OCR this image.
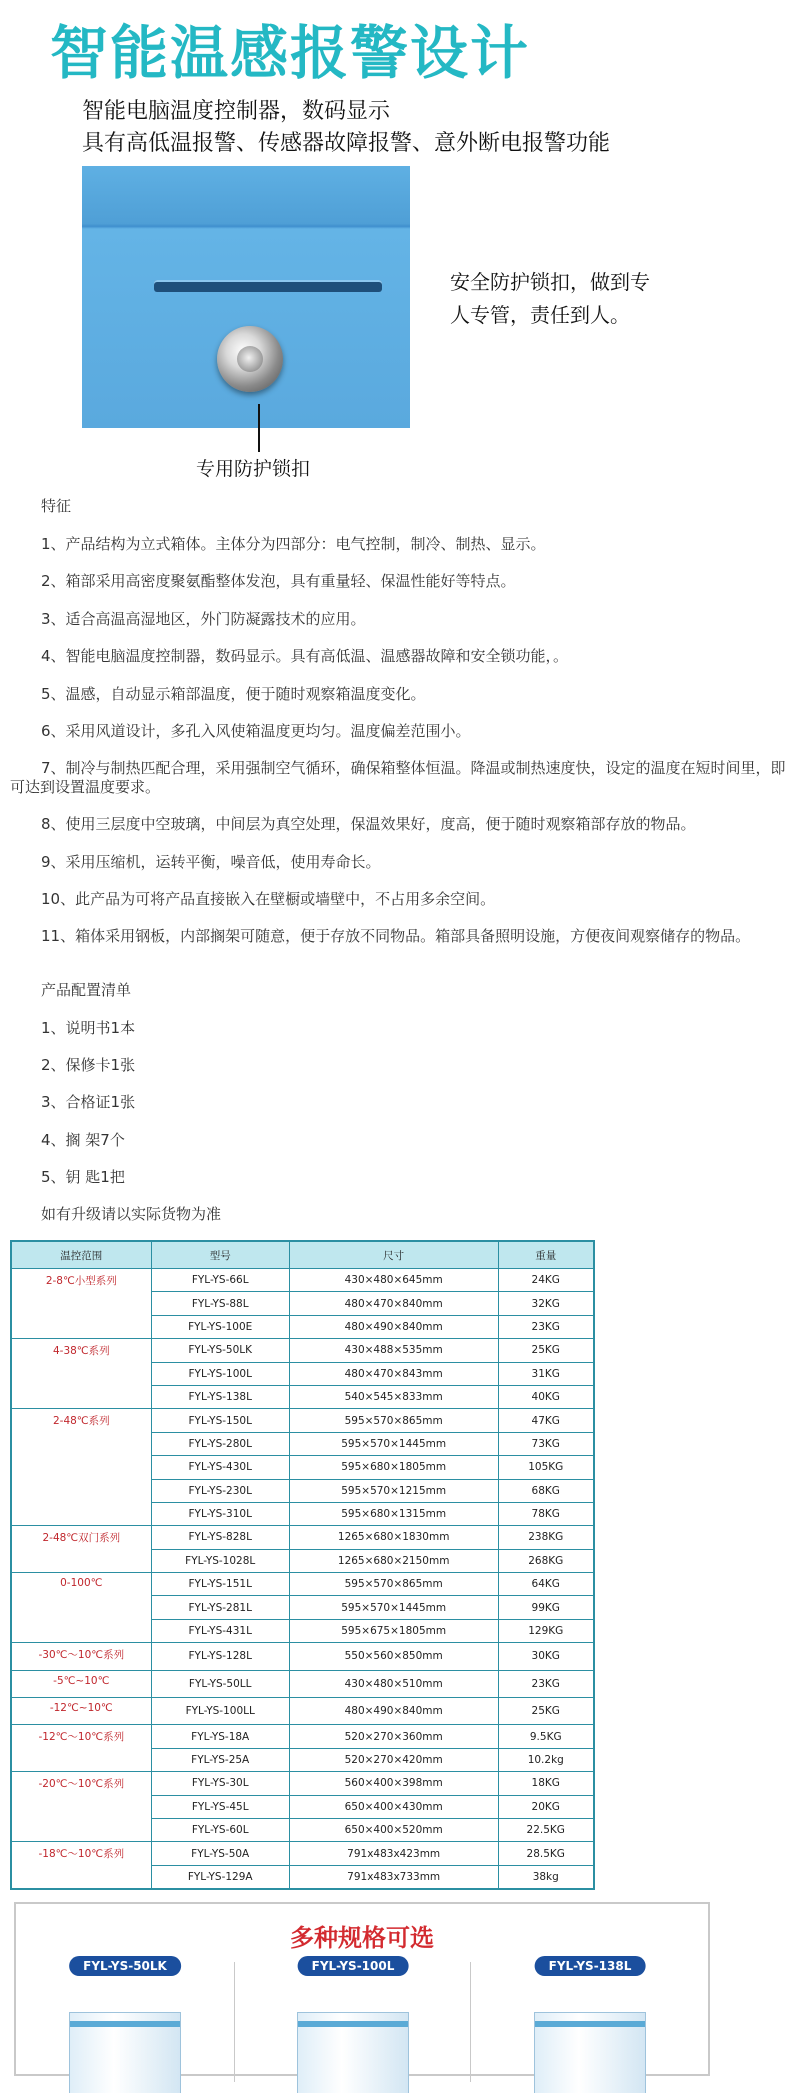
智能温感报警设计

智能电脑温度控制器，数码显示

具有高低温报警、传感器故障报警、意外断电报警功能

专用防护锁扣

安全防护锁扣，做到专
人专管，责任到人。

特征

1、产品结构为立式箱体。主体分为四部分：电气控制，制冷、制热、显示。

2、箱部采用高密度聚氨酯整体发泡，具有重量轻、保温性能好等特点。

3、适合高温高湿地区，外门防凝露技术的应用。

4、智能电脑温度控制器，数码显示。具有高低温、温感器故障和安全锁功能，。

5、温感，自动显示箱部温度，便于随时观察箱温度变化。

6、采用风道设计，多孔入风使箱温度更均匀。温度偏差范围小。

7、制冷与制热匹配合理，采用强制空气循环，确保箱整体恒温。降温或制热速度快，设定的温度在短时间里，即可达到设置温度要求。

8、使用三层度中空玻璃，中间层为真空处理，保温效果好，度高，便于随时观察箱部存放的物品。

9、采用压缩机，运转平衡，噪音低，使用寿命长。

10、此产品为可将产品直接嵌入在壁橱或墙壁中，不占用多余空间。

11、箱体采用钢板，内部搁架可随意，便于存放不同物品。箱部具备照明设施，方便夜间观察储存的物品。

产品配置清单

1、说明书1本

2、保修卡1张

3、合格证1张

4、搁 架7个

5、钥 匙1把

如有升级请以实际货物为准

温控范围	型号	尺寸	重量
2-8℃小型系列	FYL-YS-66L	430×480×645mm	24KG
	FYL-YS-88L	480×470×840mm	32KG
	FYL-YS-100E	480×490×840mm	23KG
4-38℃系列	FYL-YS-50LK	430×488×535mm	25KG
	FYL-YS-100L	480×470×843mm	31KG
	FYL-YS-138L	540×545×833mm	40KG
2-48℃系列	FYL-YS-150L	595×570×865mm	47KG
	FYL-YS-280L	595×570×1445mm	73KG
	FYL-YS-430L	595×680×1805mm	105KG
	FYL-YS-230L	595×570×1215mm	68KG
	FYL-YS-310L	595×680×1315mm	78KG
2-48℃双门系列	FYL-YS-828L	1265×680×1830mm	238KG
	FYL-YS-1028L	1265×680×2150mm	268KG
0-100℃	FYL-YS-151L	595×570×865mm	64KG
	FYL-YS-281L	595×570×1445mm	99KG
	FYL-YS-431L	595×675×1805mm	129KG
-30℃～10℃系列	FYL-YS-128L	550×560×850mm	30KG
-5℃~10℃	FYL-YS-50LL	430×480×510mm	23KG
-12℃~10℃	FYL-YS-100LL	480×490×840mm	25KG
-12℃～10℃系列	FYL-YS-18A	520×270×360mm	9.5KG
	FYL-YS-25A	520×270×420mm	10.2kg
-20℃～10℃系列	FYL-YS-30L	560×400×398mm	18KG
	FYL-YS-45L	650×400×430mm	20KG
	FYL-YS-60L	650×400×520mm	22.5KG
-18℃～10℃系列	FYL-YS-50A	791x483x423mm	28.5KG
	FYL-YS-129A	791x483x733mm	38kg

多种规格可选

FYL-YS-50LK	FYL-YS-100L	FYL-YS-138L
